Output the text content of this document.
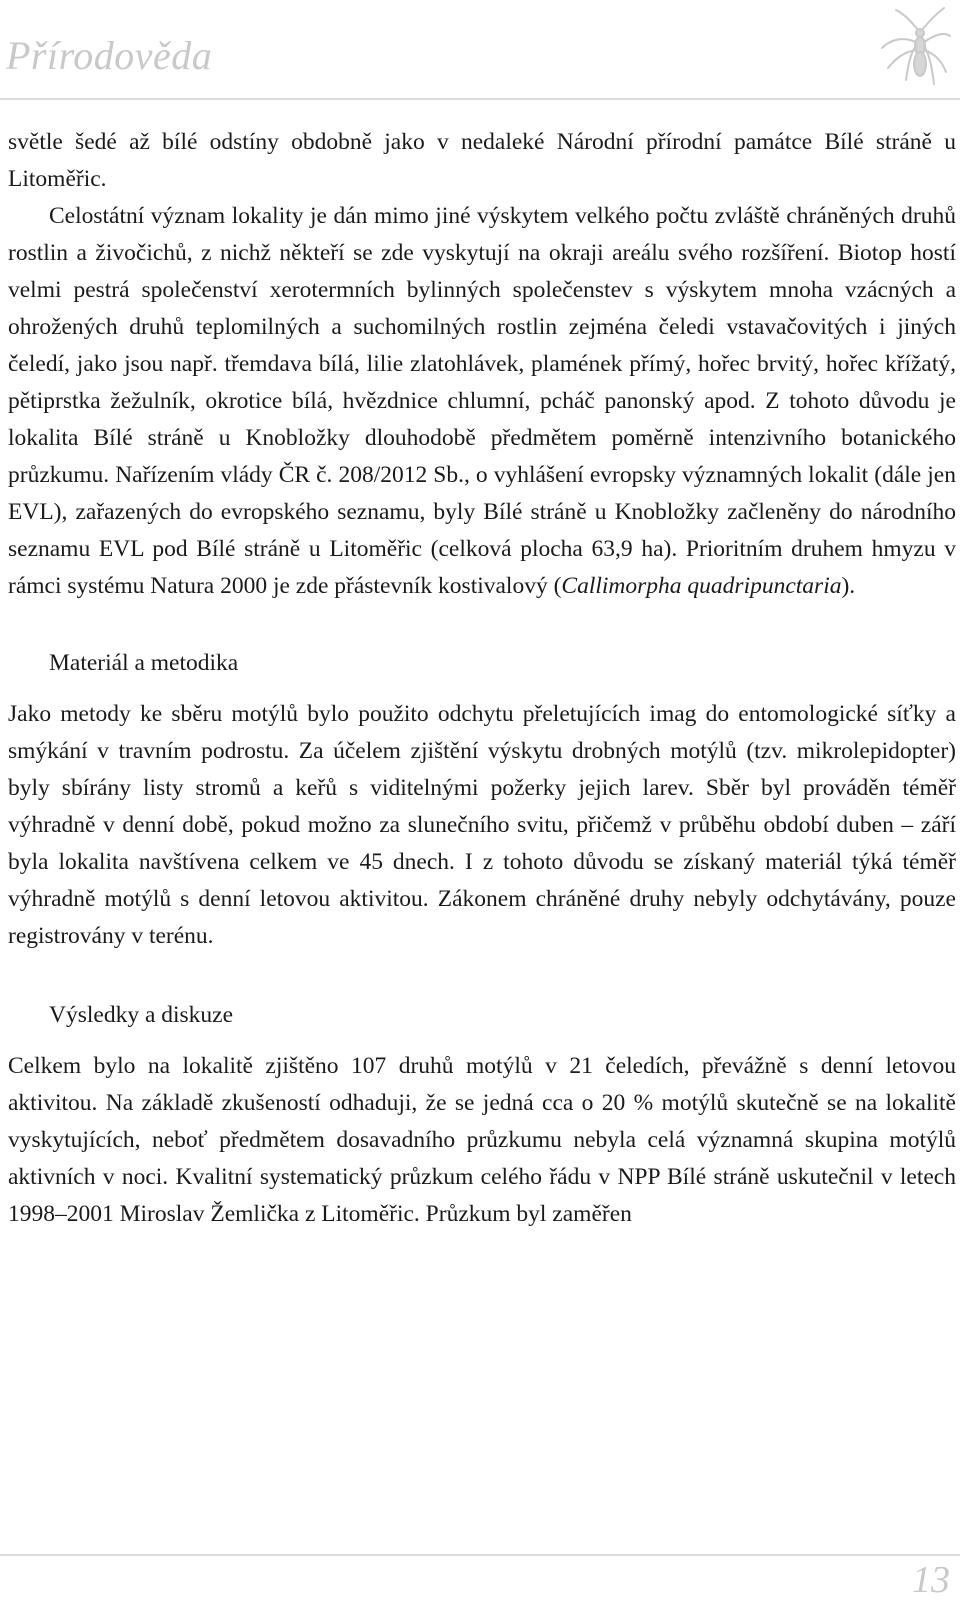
Přírodověda

světle šedé až bílé odstíny obdobně jako v nedaleké Národní přírodní památce Bílé stráně u Litoměřic.

Celostátní význam lokality je dán mimo jiné výskytem velkého počtu zvláště chráněných druhů rostlin a živočichů, z nichž někteří se zde vyskytují na okraji areálu svého rozšíření. Biotop hostí velmi pestrá společenství xerotermních bylinných společenstev s výskytem mnoha vzácných a ohrožených druhů teplomilných a suchomilných rostlin zejména čeledi vstavačovitých i jiných čeledí, jako jsou např. třemdava bílá, lilie zlatohlávek, plamének přímý, hořec brvitý, hořec křížatý, pětiprstka žežulník, okrotice bílá, hvězdnice chlumní, pcháč panonský apod. Z tohoto důvodu je lokalita Bílé stráně u Knobložky dlouhodobě předmětem poměrně intenzivního botanického průzkumu. Nařízením vlády ČR č. 208/2012 Sb., o vyhlášení evropsky významných lokalit (dále jen EVL), zařazených do evropského seznamu, byly Bílé stráně u Knobložky začleněny do národního seznamu EVL pod Bílé stráně u Litoměřic (celková plocha 63,9 ha). Prioritním druhem hmyzu v rámci systému Natura 2000 je zde přástevník kostivalový (Callimorpha quadripunctaria).

Materiál a metodika

Jako metody ke sběru motýlů bylo použito odchytu přeletujících imag do entomologické síťky a smýkání v travním podrostu. Za účelem zjištění výskytu drobných motýlů (tzv. mikrolepidopter) byly sbírány listy stromů a keřů s viditelnými požerky jejich larev. Sběr byl prováděn téměř výhradně v denní době, pokud možno za slunečního svitu, přičemž v průběhu období duben – září byla lokalita navštívena celkem ve 45 dnech. I z tohoto důvodu se získaný materiál týká téměř výhradně motýlů s denní letovou aktivitou. Zákonem chráněné druhy nebyly odchytávány, pouze registrovány v terénu.

Výsledky a diskuze

Celkem bylo na lokalitě zjištěno 107 druhů motýlů v 21 čeledích, převážně s denní letovou aktivitou. Na základě zkušeností odhaduji, že se jedná cca o 20 % motýlů skutečně se na lokalitě vyskytujících, neboť předmětem dosavadního průzkumu nebyla celá významná skupina motýlů aktivních v noci. Kvalitní systematický průzkum celého řádu v NPP Bílé stráně uskutečnil v letech 1998–2001 Miroslav Žemlička z Litoměřic. Průzkum byl zaměřen

13
